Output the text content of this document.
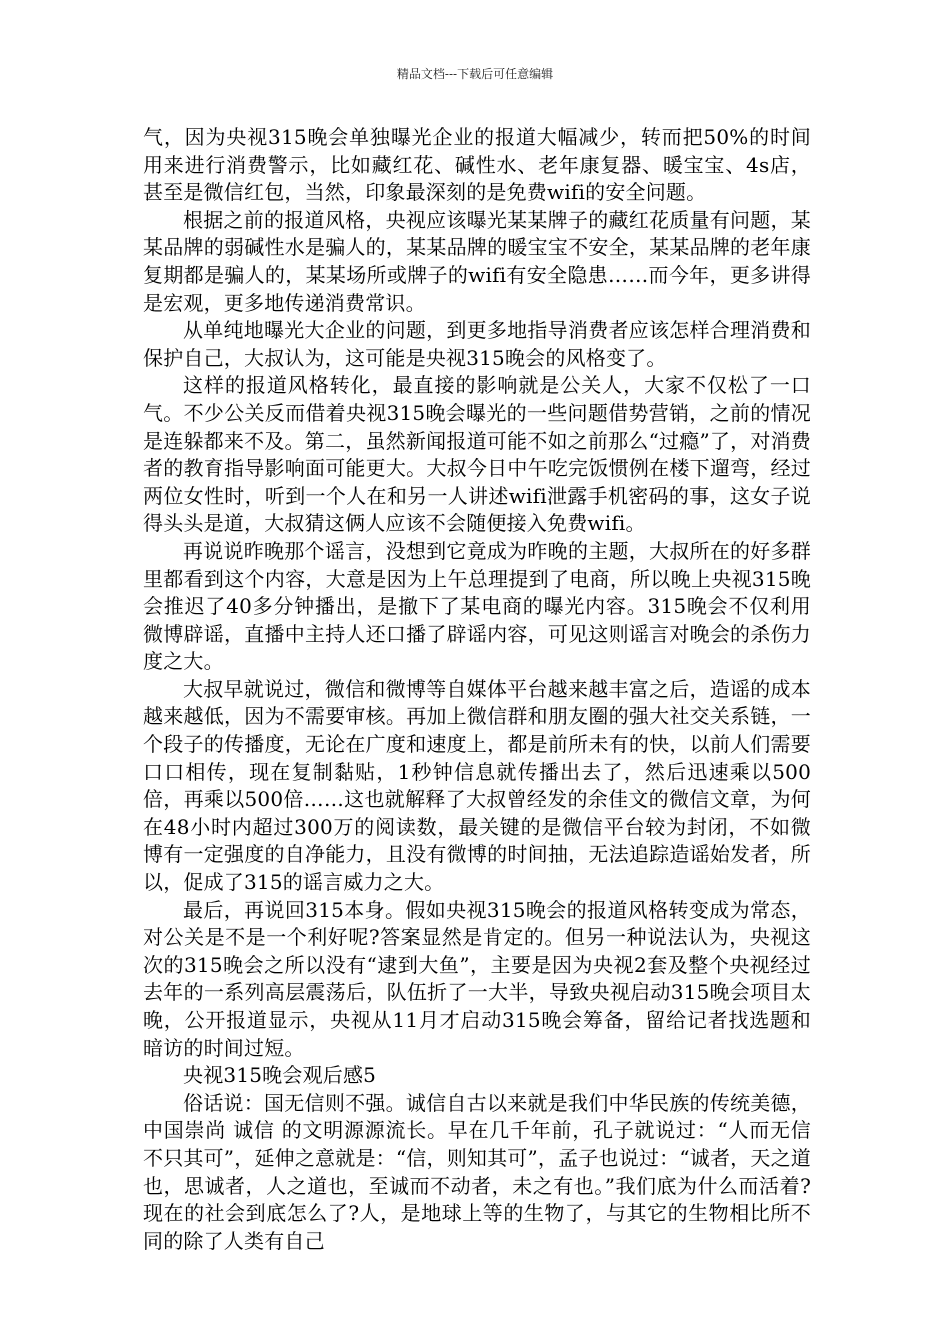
精品文档---下载后可任意编辑

气，因为央视315晚会单独曝光企业的报道大幅减少，转而把50%的时间用来进行消费警示，比如藏红花、碱性水、老年康复器、暖宝宝、4s店，甚至是微信红包，当然，印象最深刻的是免费wifi的安全问题。

根据之前的报道风格，央视应该曝光某某牌子的藏红花质量有问题，某某品牌的弱碱性水是骗人的，某某品牌的暖宝宝不安全，某某品牌的老年康复期都是骗人的，某某场所或牌子的wifi有安全隐患……而今年，更多讲得是宏观，更多地传递消费常识。

从单纯地曝光大企业的问题，到更多地指导消费者应该怎样合理消费和保护自己，大叔认为，这可能是央视315晚会的风格变了。

这样的报道风格转化，最直接的影响就是公关人，大家不仅松了一口气。不少公关反而借着央视315晚会曝光的一些问题借势营销，之前的情况是连躲都来不及。第二，虽然新闻报道可能不如之前那么“过瘾”了，对消费者的教育指导影响面可能更大。大叔今日中午吃完饭惯例在楼下遛弯，经过两位女性时，听到一个人在和另一人讲述wifi泄露手机密码的事，这女子说得头头是道，大叔猜这俩人应该不会随便接入免费wifi。

再说说昨晚那个谣言，没想到它竟成为昨晚的主题，大叔所在的好多群里都看到这个内容，大意是因为上午总理提到了电商，所以晚上央视315晚会推迟了40多分钟播出，是撤下了某电商的曝光内容。315晚会不仅利用微博辟谣，直播中主持人还口播了辟谣内容，可见这则谣言对晚会的杀伤力度之大。

大叔早就说过，微信和微博等自媒体平台越来越丰富之后，造谣的成本越来越低，因为不需要审核。再加上微信群和朋友圈的强大社交关系链，一个段子的传播度，无论在广度和速度上，都是前所未有的快，以前人们需要口口相传，现在复制黏贴，1秒钟信息就传播出去了，然后迅速乘以500倍，再乘以500倍……这也就解释了大叔曾经发的余佳文的微信文章，为何在48小时内超过300万的阅读数，最关键的是微信平台较为封闭，不如微博有一定强度的自净能力，且没有微博的时间抽，无法追踪造谣始发者，所以，促成了315的谣言威力之大。

最后，再说回315本身。假如央视315晚会的报道风格转变成为常态，对公关是不是一个利好呢?答案显然是肯定的。但另一种说法认为，央视这次的315晚会之所以没有“逮到大鱼”，主要是因为央视2套及整个央视经过去年的一系列高层震荡后，队伍折了一大半，导致央视启动315晚会项目太晚，公开报道显示，央视从11月才启动315晚会筹备，留给记者找选题和暗访的时间过短。

央视315晚会观后感5

俗话说：国无信则不强。诚信自古以来就是我们中华民族的传统美德，中国崇尚 诚信 的文明源源流长。早在几千年前，孔子就说过：“人而无信不只其可”，延伸之意就是：“信，则知其可”，孟子也说过：“诚者，天之道也，思诚者，人之道也，至诚而不动者，未之有也。”我们底为什么而活着?现在的社会到底怎么了?人，是地球上等的生物了，与其它的生物相比所不同的除了人类有自己
